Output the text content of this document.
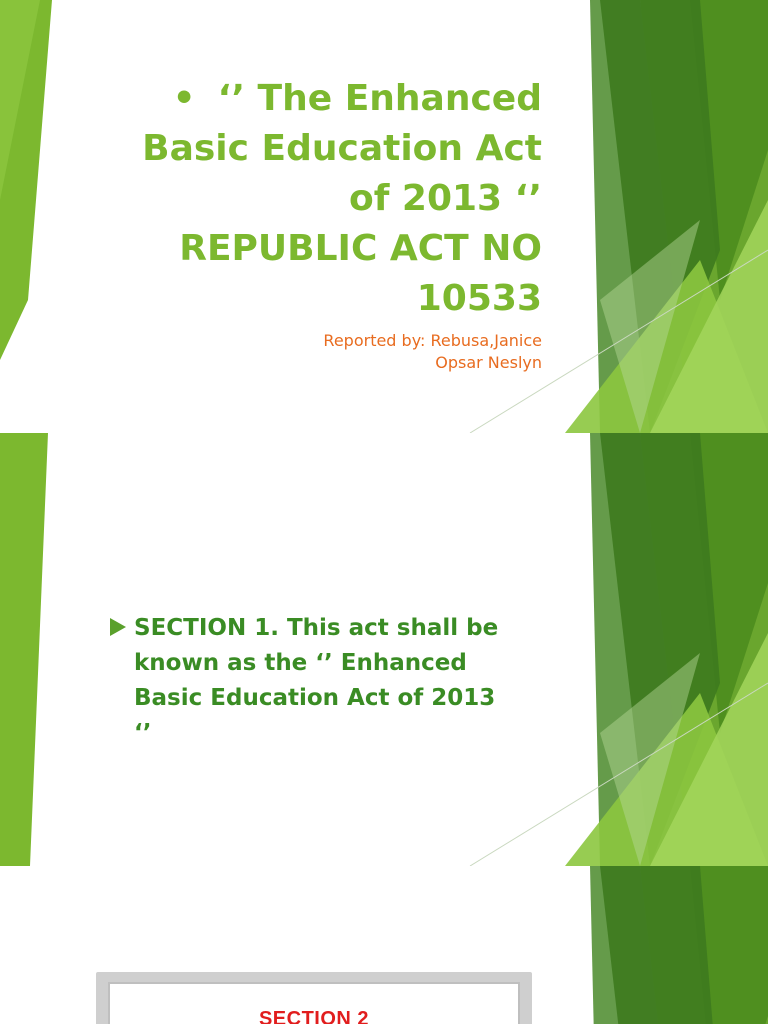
• ‘’ The Enhanced
Basic Education Act
of 2013 ‘’
REPUBLIC ACT NO
10533
Reported by: Rebusa,Janice
Opsar Neslyn
SECTION 1. This act shall be
known as the ‘’ Enhanced
Basic Education Act of 2013
‘’
SECTION 2
